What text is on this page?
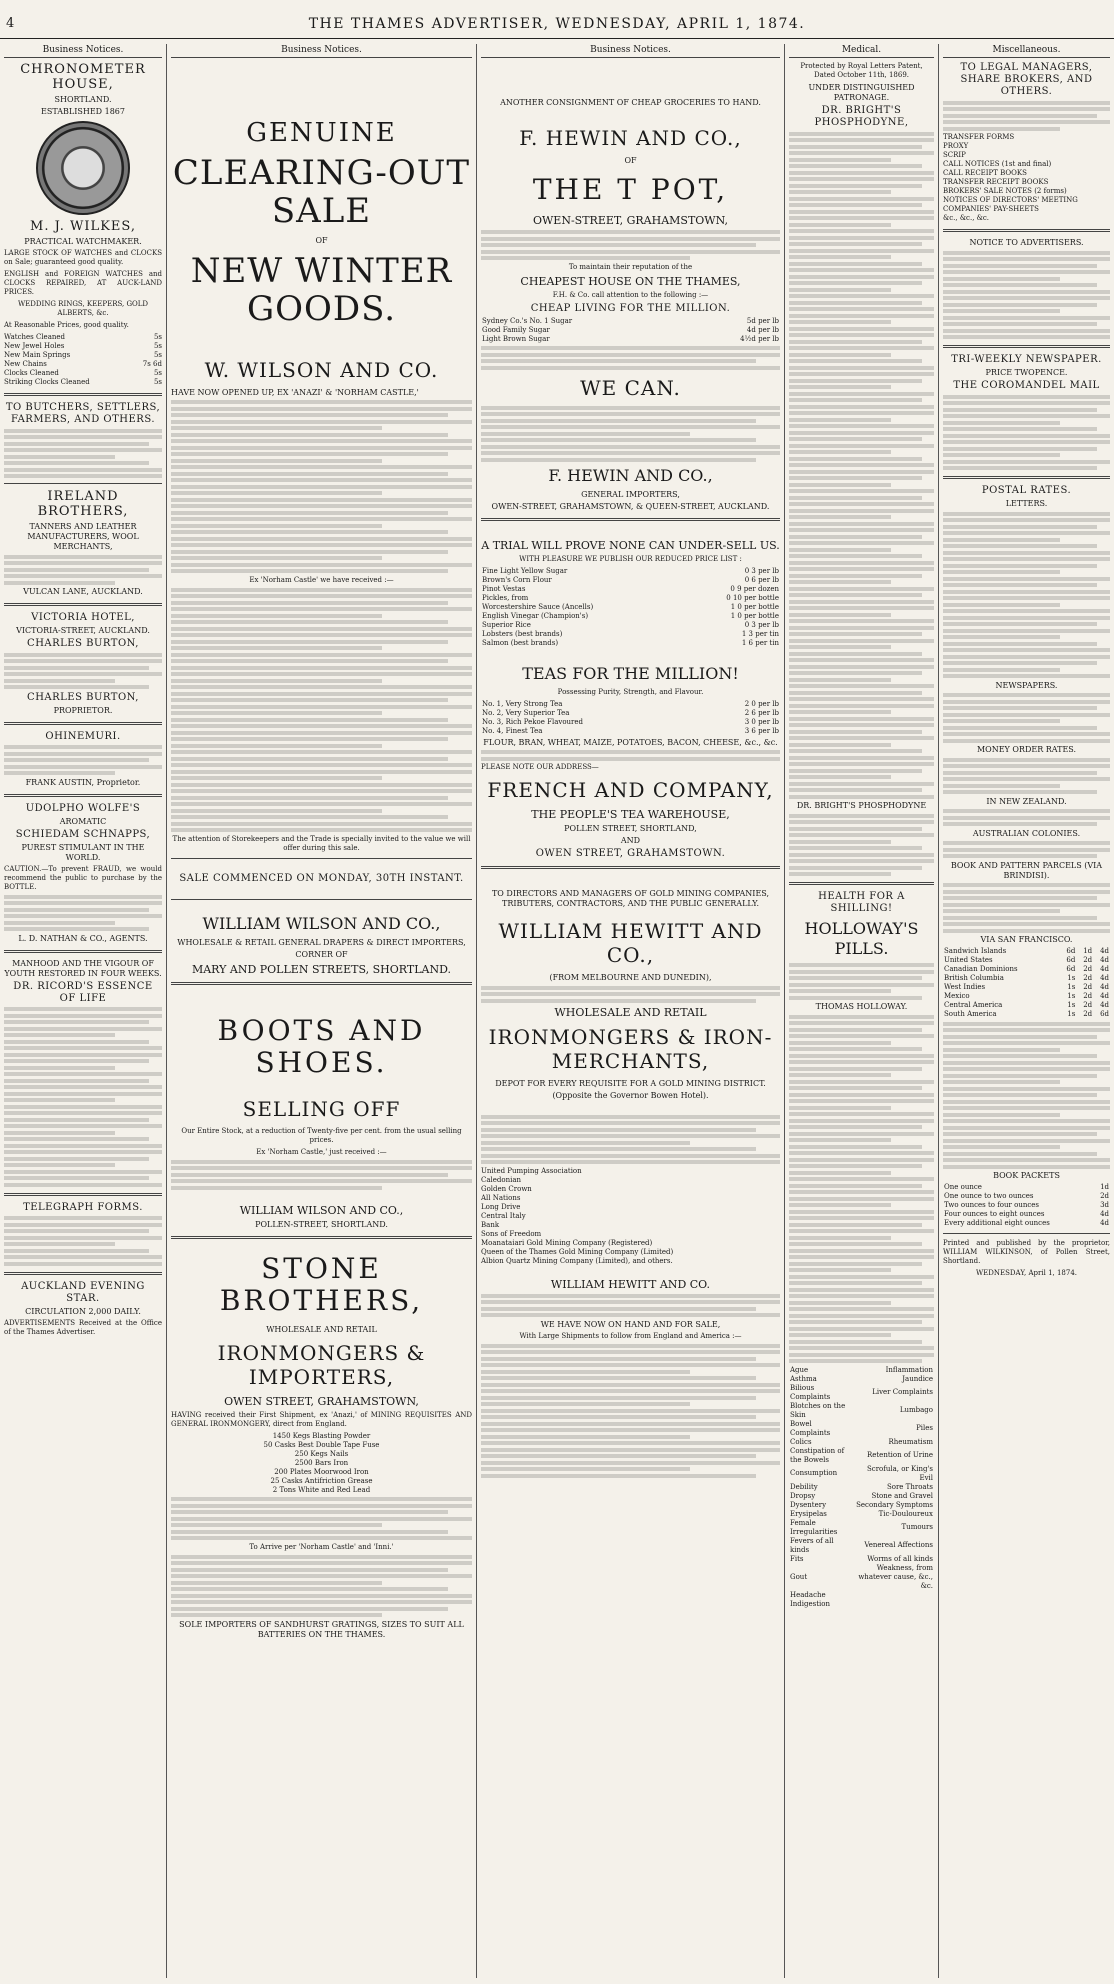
4	THE THAMES ADVERTISER, WEDNESDAY, APRIL 1, 1874.
Business Notices.
CHRONOMETER HOUSE,
SHORTLAND.
ESTABLISHED 1867
M. J. WILKES,
PRACTICAL WATCHMAKER.

LARGE STOCK OF WATCHES and CLOCKS on Sale; guaranteed good quality.

ENGLISH and FOREIGN WATCHES and CLOCKS REPAIRED, AT AUCK-LAND PRICES.

WEDDING RINGS, KEEPERS, GOLD ALBERTS, &c.

At Reasonable Prices, good quality.

Watches Cleaned	5s
New Jewel Holes	5s
New Main Springs	5s
New Chains	7s 6d
Clocks Cleaned	5s
Striking Clocks Cleaned	5s
TO BUTCHERS, SETTLERS, FARMERS, AND OTHERS.
IRELAND BROTHERS,
TANNERS AND LEATHER MANUFACTURERS, WOOL MERCHANTS,
VULCAN LANE, AUCKLAND.
VICTORIA HOTEL,
VICTORIA-STREET, AUCKLAND.
CHARLES BURTON,
CHARLES BURTON,
PROPRIETOR.
OHINEMURI.
FRANK AUSTIN, Proprietor.
UDOLPHO WOLFE'S
AROMATIC
SCHIEDAM SCHNAPPS,
PUREST STIMULANT IN THE WORLD.

CAUTION.—To prevent FRAUD, we would recommend the public to purchase by the BOTTLE.

L. D. NATHAN & CO., AGENTS.
MANHOOD AND THE VIGOUR OF YOUTH RESTORED IN FOUR WEEKS.
DR. RICORD'S ESSENCE OF LIFE
TELEGRAPH FORMS.
AUCKLAND EVENING STAR.
CIRCULATION 2,000 DAILY.

ADVERTISEMENTS Received at the Office of the Thames Advertiser.

Business Notices.
GENUINE
CLEARING-OUT SALE
OF
NEW WINTER GOODS.
W. WILSON AND CO.

HAVE NOW OPENED UP, EX 'ANAZI' & 'NORHAM CASTLE,'

Ex 'Norham Castle' we have received :—

The attention of Storekeepers and the Trade is specially invited to the value we will offer during this sale.

SALE COMMENCED ON MONDAY, 30TH INSTANT.
WILLIAM WILSON AND CO.,
WHOLESALE & RETAIL GENERAL DRAPERS & DIRECT IMPORTERS,
CORNER OF
MARY AND POLLEN STREETS, SHORTLAND.
BOOTS AND SHOES.
SELLING OFF

Our Entire Stock, at a reduction of Twenty-five per cent. from the usual selling prices.

Ex 'Norham Castle,' just received :—

WILLIAM WILSON AND CO.,
POLLEN-STREET, SHORTLAND.
STONE BROTHERS,
WHOLESALE AND RETAIL
IRONMONGERS & IMPORTERS,
OWEN STREET, GRAHAMSTOWN,

HAVING received their First Shipment, ex 'Anazi,' of MINING REQUISITES AND GENERAL IRONMONGERY, direct from England.

1450 Kegs Blasting Powder
50 Casks Best Double Tape Fuse
250 Kegs Nails
2500 Bars Iron
200 Plates Moorwood Iron
25 Casks Antifriction Grease
2 Tons White and Red Lead

To Arrive per 'Norham Castle' and 'Inni.'

SOLE IMPORTERS OF SANDHURST GRATINGS, SIZES TO SUIT ALL BATTERIES ON THE THAMES.
Business Notices.
ANOTHER CONSIGNMENT OF CHEAP GROCERIES TO HAND.
F. HEWIN AND CO.,
OF
THE T POT,
OWEN-STREET, GRAHAMSTOWN,

To maintain their reputation of the

CHEAPEST HOUSE ON THE THAMES,

F.H. & Co. call attention to the following :—

CHEAP LIVING FOR THE MILLION.
Sydney Co.'s No. 1 Sugar	5d per lb
Good Family Sugar	4d per lb
Light Brown Sugar	4½d per lb
WE CAN.
F. HEWIN AND CO.,
GENERAL IMPORTERS,
OWEN-STREET, GRAHAMSTOWN, & QUEEN-STREET, AUCKLAND.
A TRIAL WILL PROVE NONE CAN UNDER-SELL US.

WITH PLEASURE WE PUBLISH OUR REDUCED PRICE LIST :

Fine Light Yellow Sugar	0 3 per lb
Brown's Corn Flour	0 6 per lb
Pinot Vestas	0 9 per dozen
Pickles, from	0 10 per bottle
Worcestershire Sauce (Ancells)	1 0 per bottle
English Vinegar (Champion's)	1 0 per bottle
Superior Rice	0 3 per lb
Lobsters (best brands)	1 3 per tin
Salmon (best brands)	1 6 per tin
TEAS FOR THE MILLION!

Possessing Purity, Strength, and Flavour.

No. 1, Very Strong Tea	2 0 per lb
No. 2, Very Superior Tea	2 6 per lb
No. 3, Rich Pekoe Flavoured	3 0 per lb
No. 4, Finest Tea	3 6 per lb
FLOUR, BRAN, WHEAT, MAIZE, POTATOES, BACON, CHEESE, &c., &c.

PLEASE NOTE OUR ADDRESS—

FRENCH AND COMPANY,
THE PEOPLE'S TEA WAREHOUSE,
POLLEN STREET, SHORTLAND,
AND
OWEN STREET, GRAHAMSTOWN.
TO DIRECTORS AND MANAGERS OF GOLD MINING COMPANIES, TRIBUTERS, CONTRACTORS, AND THE PUBLIC GENERALLY.
WILLIAM HEWITT AND CO.,
(FROM MELBOURNE AND DUNEDIN),
WHOLESALE AND RETAIL
IRONMONGERS & IRON-MERCHANTS,
DEPOT FOR EVERY REQUISITE FOR A GOLD MINING DISTRICT.
(Opposite the Governor Bowen Hotel).
United Pumping Association
Caledonian
Golden Crown
All Nations
Long Drive
Central Italy
Bank
Sons of Freedom
Moanataiari Gold Mining Company (Registered)
Queen of the Thames Gold Mining Company (Limited)
Albion Quartz Mining Company (Limited), and others.
WILLIAM HEWITT AND CO.
WE HAVE NOW ON HAND AND FOR SALE,

With Large Shipments to follow from England and America :—

Medical.

Protected by Royal Letters Patent, Dated October 11th, 1869.

UNDER DISTINGUISHED PATRONAGE.
DR. BRIGHT'S PHOSPHODYNE,
DR. BRIGHT'S PHOSPHODYNE
HEALTH FOR A SHILLING!
HOLLOWAY'S PILLS.
THOMAS HOLLOWAY.
Ague	Inflammation
Asthma	Jaundice
Bilious Complaints	Liver Complaints
Blotches on the Skin	Lumbago
Bowel Complaints	Piles
Colics	Rheumatism
Constipation of the Bowels	Retention of Urine
Consumption	Scrofula, or King's Evil
Debility	Sore Throats
Dropsy	Stone and Gravel
Dysentery	Secondary Symptoms
Erysipelas	Tic-Douloureux
Female Irregularities	Tumours
Fevers of all kinds	Venereal Affections
Fits	Worms of all kinds
Gout	Weakness, from whatever cause, &c., &c.
Headache	
Indigestion	
Miscellaneous.
TO LEGAL MANAGERS, SHARE BROKERS, AND OTHERS.
TRANSFER FORMS
PROXY
SCRIP
CALL NOTICES (1st and final)
CALL RECEIPT BOOKS
TRANSFER RECEIPT BOOKS
BROKERS' SALE NOTES (2 forms)
NOTICES OF DIRECTORS' MEETING
COMPANIES' PAY-SHEETS
&c., &c., &c.
NOTICE TO ADVERTISERS.
TRI-WEEKLY NEWSPAPER.
PRICE TWOPENCE.
THE COROMANDEL MAIL
POSTAL RATES.
LETTERS.
NEWSPAPERS.
MONEY ORDER RATES.
IN NEW ZEALAND.
AUSTRALIAN COLONIES.
BOOK AND PATTERN PARCELS (VIA BRINDISI).
VIA SAN FRANCISCO.
Sandwich Islands	6d	1d	4d
United States	6d	2d	4d
Canadian Dominions	6d	2d	4d
British Columbia	1s	2d	4d
West Indies	1s	2d	4d
Mexico	1s	2d	4d
Central America	1s	2d	4d
South America	1s	2d	6d
BOOK PACKETS
One ounce	1d
One ounce to two ounces	2d
Two ounces to four ounces	3d
Four ounces to eight ounces	4d
Every additional eight ounces	4d

Printed and published by the proprietor, WILLIAM WILKINSON, of Pollen Street, Shortland.

WEDNESDAY, April 1, 1874.
